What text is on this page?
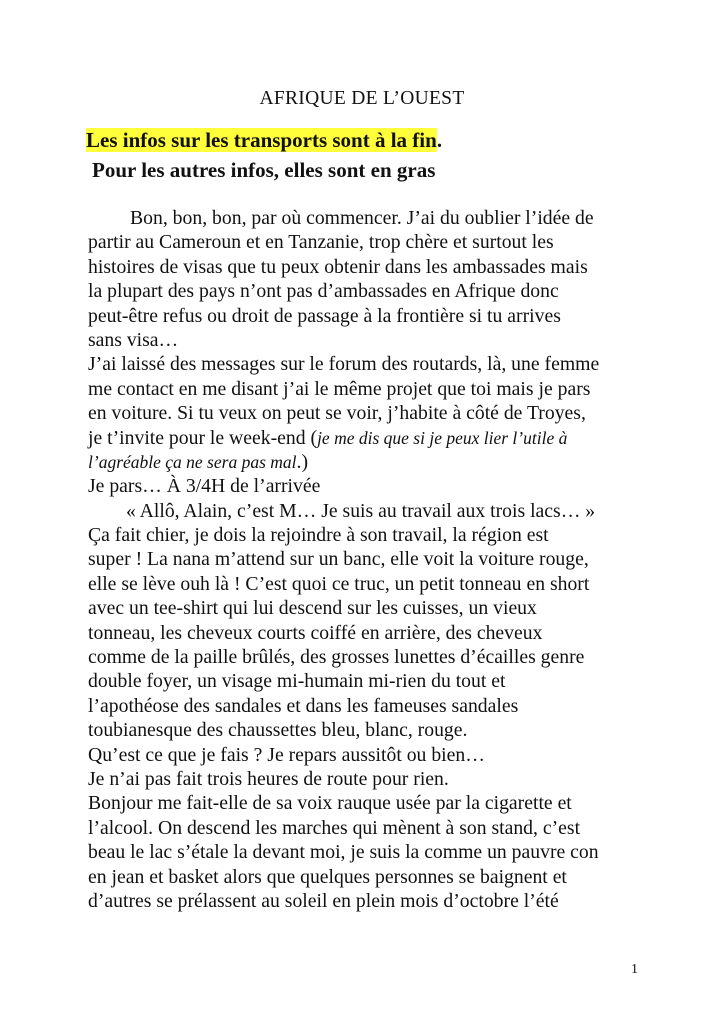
AFRIQUE DE L’OUEST
Les infos sur les transports sont à la fin.
Pour les autres infos, elles sont en gras
Bon, bon, bon, par où commencer. J’ai du oublier l’idée de
partir au Cameroun et en Tanzanie, trop chère et surtout les
histoires de visas que tu peux obtenir dans les ambassades mais
la plupart des pays n’ont pas d’ambassades en Afrique donc
peut-être refus ou droit de passage à la frontière si tu arrives
sans visa…
J’ai laissé des messages sur le forum des routards, là, une femme
me contact en me disant j’ai le même projet que toi mais je pars
en voiture. Si tu veux on peut se voir, j’habite à côté de Troyes,
je t’invite pour le week-end (je me dis que si je peux lier l’utile à
l’agréable ça ne sera pas mal.)
Je pars… À 3/4H de l’arrivée
« Allô, Alain, c’est M… Je suis au travail aux trois lacs… »
Ça fait chier, je dois la rejoindre à son travail, la région est
super ! La nana m’attend sur un banc, elle voit la voiture rouge,
elle se lève ouh là ! C’est quoi ce truc, un petit tonneau en short
avec un tee-shirt qui lui descend sur les cuisses, un vieux
tonneau, les cheveux courts coiffé en arrière, des cheveux
comme de la paille brûlés, des grosses lunettes d’écailles genre
double foyer, un visage mi-humain mi-rien du tout et
l’apothéose des sandales et dans les fameuses sandales
toubianesque des chaussettes bleu, blanc, rouge.
Qu’est ce que je fais ? Je repars aussitôt ou bien…
Je n’ai pas fait trois heures de route pour rien.
Bonjour me fait-elle de sa voix rauque usée par la cigarette et
l’alcool. On descend les marches qui mènent à son stand, c’est
beau le lac s’étale la devant moi, je suis la comme un pauvre con
en jean et basket alors que quelques personnes se baignent et
d’autres se prélassent au soleil en plein mois d’octobre l’été
1
